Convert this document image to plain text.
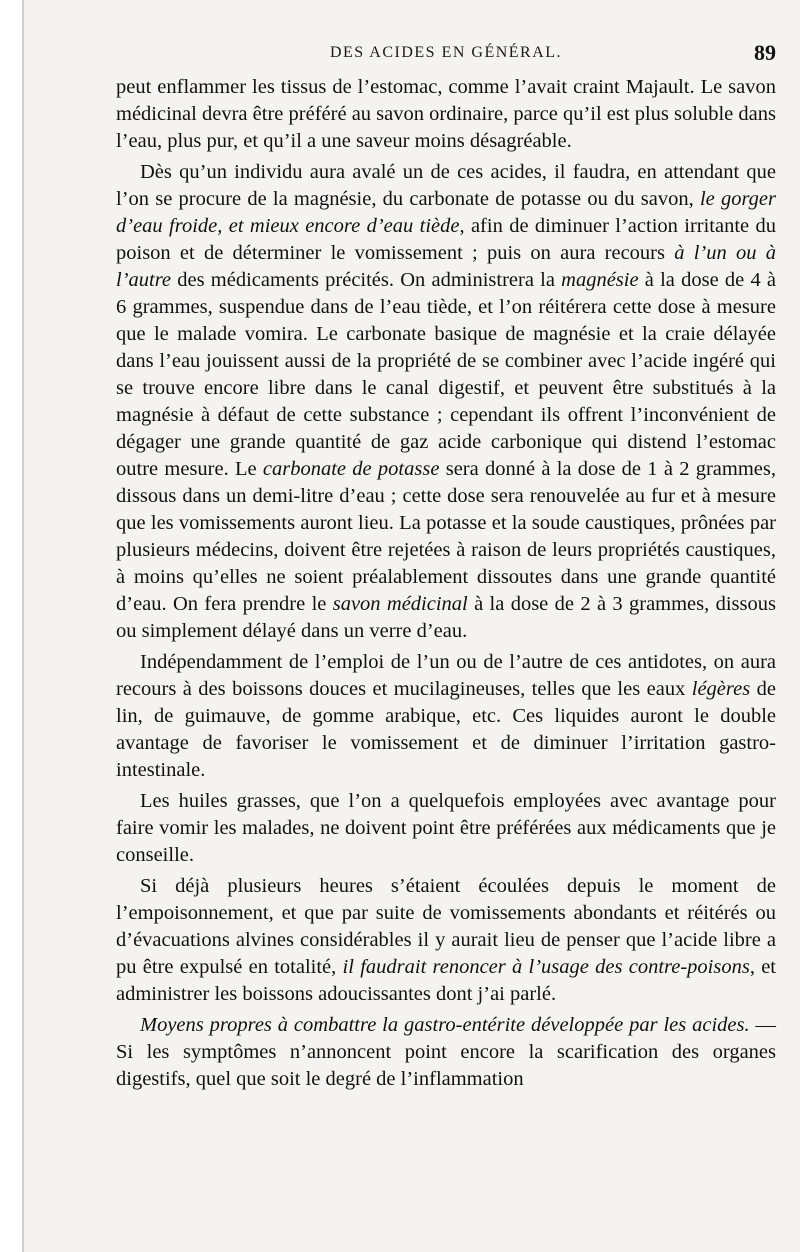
DES ACIDES EN GÉNÉRAL.	89

peut enflammer les tissus de l’estomac, comme l’avait craint Majault. Le savon médicinal devra être préféré au savon ordinaire, parce qu’il est plus soluble dans l’eau, plus pur, et qu’il a une saveur moins désagréable.

Dès qu’un individu aura avalé un de ces acides, il faudra, en attendant que l’on se procure de la magnésie, du carbonate de potasse ou du savon, le gorger d’eau froide, et mieux encore d’eau tiède, afin de diminuer l’action irritante du poison et de déterminer le vomissement ; puis on aura recours à l’un ou à l’autre des médicaments précités. On administrera la magnésie à la dose de 4 à 6 grammes, suspendue dans de l’eau tiède, et l’on réitérera cette dose à mesure que le malade vomira. Le carbonate basique de magnésie et la craie délayée dans l’eau jouissent aussi de la propriété de se combiner avec l’acide ingéré qui se trouve encore libre dans le canal digestif, et peuvent être substitués à la magnésie à défaut de cette substance ; cependant ils offrent l’inconvénient de dégager une grande quantité de gaz acide carbonique qui distend l’estomac outre mesure. Le carbonate de potasse sera donné à la dose de 1 à 2 grammes, dissous dans un demi-litre d’eau ; cette dose sera renouvelée au fur et à mesure que les vomissements auront lieu. La potasse et la soude caustiques, prônées par plusieurs médecins, doivent être rejetées à raison de leurs propriétés caustiques, à moins qu’elles ne soient préalablement dissoutes dans une grande quantité d’eau. On fera prendre le savon médicinal à la dose de 2 à 3 grammes, dissous ou simplement délayé dans un verre d’eau.

Indépendamment de l’emploi de l’un ou de l’autre de ces antidotes, on aura recours à des boissons douces et mucilagineuses, telles que les eaux légères de lin, de guimauve, de gomme arabique, etc. Ces liquides auront le double avantage de favoriser le vomissement et de diminuer l’irritation gastro-intestinale.

Les huiles grasses, que l’on a quelquefois employées avec avantage pour faire vomir les malades, ne doivent point être préférées aux médicaments que je conseille.

Si déjà plusieurs heures s’étaient écoulées depuis le moment de l’empoisonnement, et que par suite de vomissements abondants et réitérés ou d’évacuations alvines considérables il y aurait lieu de penser que l’acide libre a pu être expulsé en totalité, il faudrait renoncer à l’usage des contre-poisons, et administrer les boissons adoucissantes dont j’ai parlé.

Moyens propres à combattre la gastro-entérite développée par les acides. — Si les symptômes n’annoncent point encore la scarification des organes digestifs, quel que soit le degré de l’inflammation
